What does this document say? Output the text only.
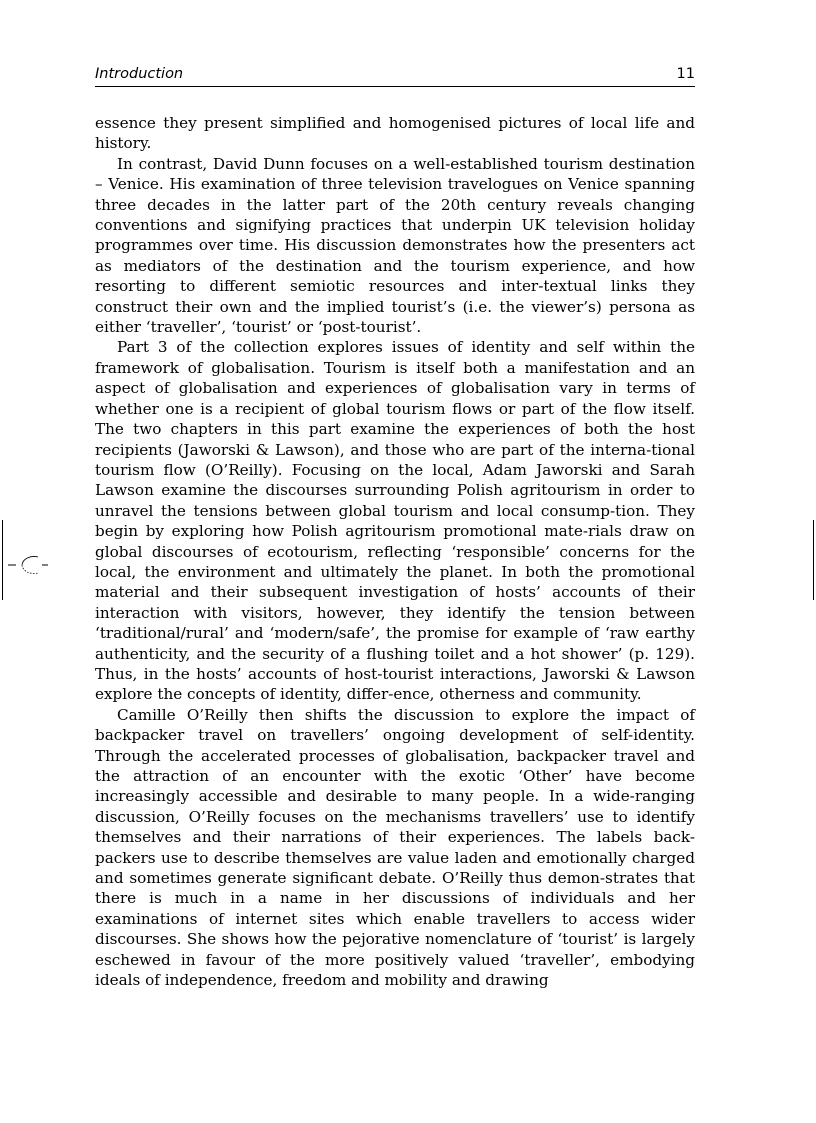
Introduction	11

essence they present simplified and homogenised pictures of local life and history.

In contrast, David Dunn focuses on a well-established tourism destination – Venice. His examination of three television travelogues on Venice spanning three decades in the latter part of the 20th century reveals changing conventions and signifying practices that underpin UK television holiday programmes over time. His discussion demonstrates how the presenters act as mediators of the destination and the tourism experience, and how resorting to different semiotic resources and inter-textual links they construct their own and the implied tourist’s (i.e. the viewer’s) persona as either ‘traveller’, ‘tourist’ or ‘post-tourist’.

Part 3 of the collection explores issues of identity and self within the framework of globalisation. Tourism is itself both a manifestation and an aspect of globalisation and experiences of globalisation vary in terms of whether one is a recipient of global tourism flows or part of the flow itself. The two chapters in this part examine the experiences of both the host recipients (Jaworski & Lawson), and those who are part of the interna-tional tourism flow (O’Reilly). Focusing on the local, Adam Jaworski and Sarah Lawson examine the discourses surrounding Polish agritourism in order to unravel the tensions between global tourism and local consump-tion. They begin by exploring how Polish agritourism promotional mate-rials draw on global discourses of ecotourism, reflecting ‘responsible’ concerns for the local, the environment and ultimately the planet. In both the promotional material and their subsequent investigation of hosts’ accounts of their interaction with visitors, however, they identify the tension between ‘traditional/rural’ and ‘modern/safe’, the promise for example of ‘raw earthy authenticity, and the security of a flushing toilet and a hot shower’ (p. 129). Thus, in the hosts’ accounts of host-tourist interactions, Jaworski & Lawson explore the concepts of identity, differ-ence, otherness and community.

Camille O’Reilly then shifts the discussion to explore the impact of backpacker travel on travellers’ ongoing development of self-identity. Through the accelerated processes of globalisation, backpacker travel and the attraction of an encounter with the exotic ‘Other’ have become increasingly accessible and desirable to many people. In a wide-ranging discussion, O’Reilly focuses on the mechanisms travellers’ use to identify themselves and their narrations of their experiences. The labels back-packers use to describe themselves are value laden and emotionally charged and sometimes generate significant debate. O’Reilly thus demon-strates that there is much in a name in her discussions of individuals and her examinations of internet sites which enable travellers to access wider discourses. She shows how the pejorative nomenclature of ‘tourist’ is largely eschewed in favour of the more positively valued ‘traveller’, embodying ideals of independence, freedom and mobility and drawing
